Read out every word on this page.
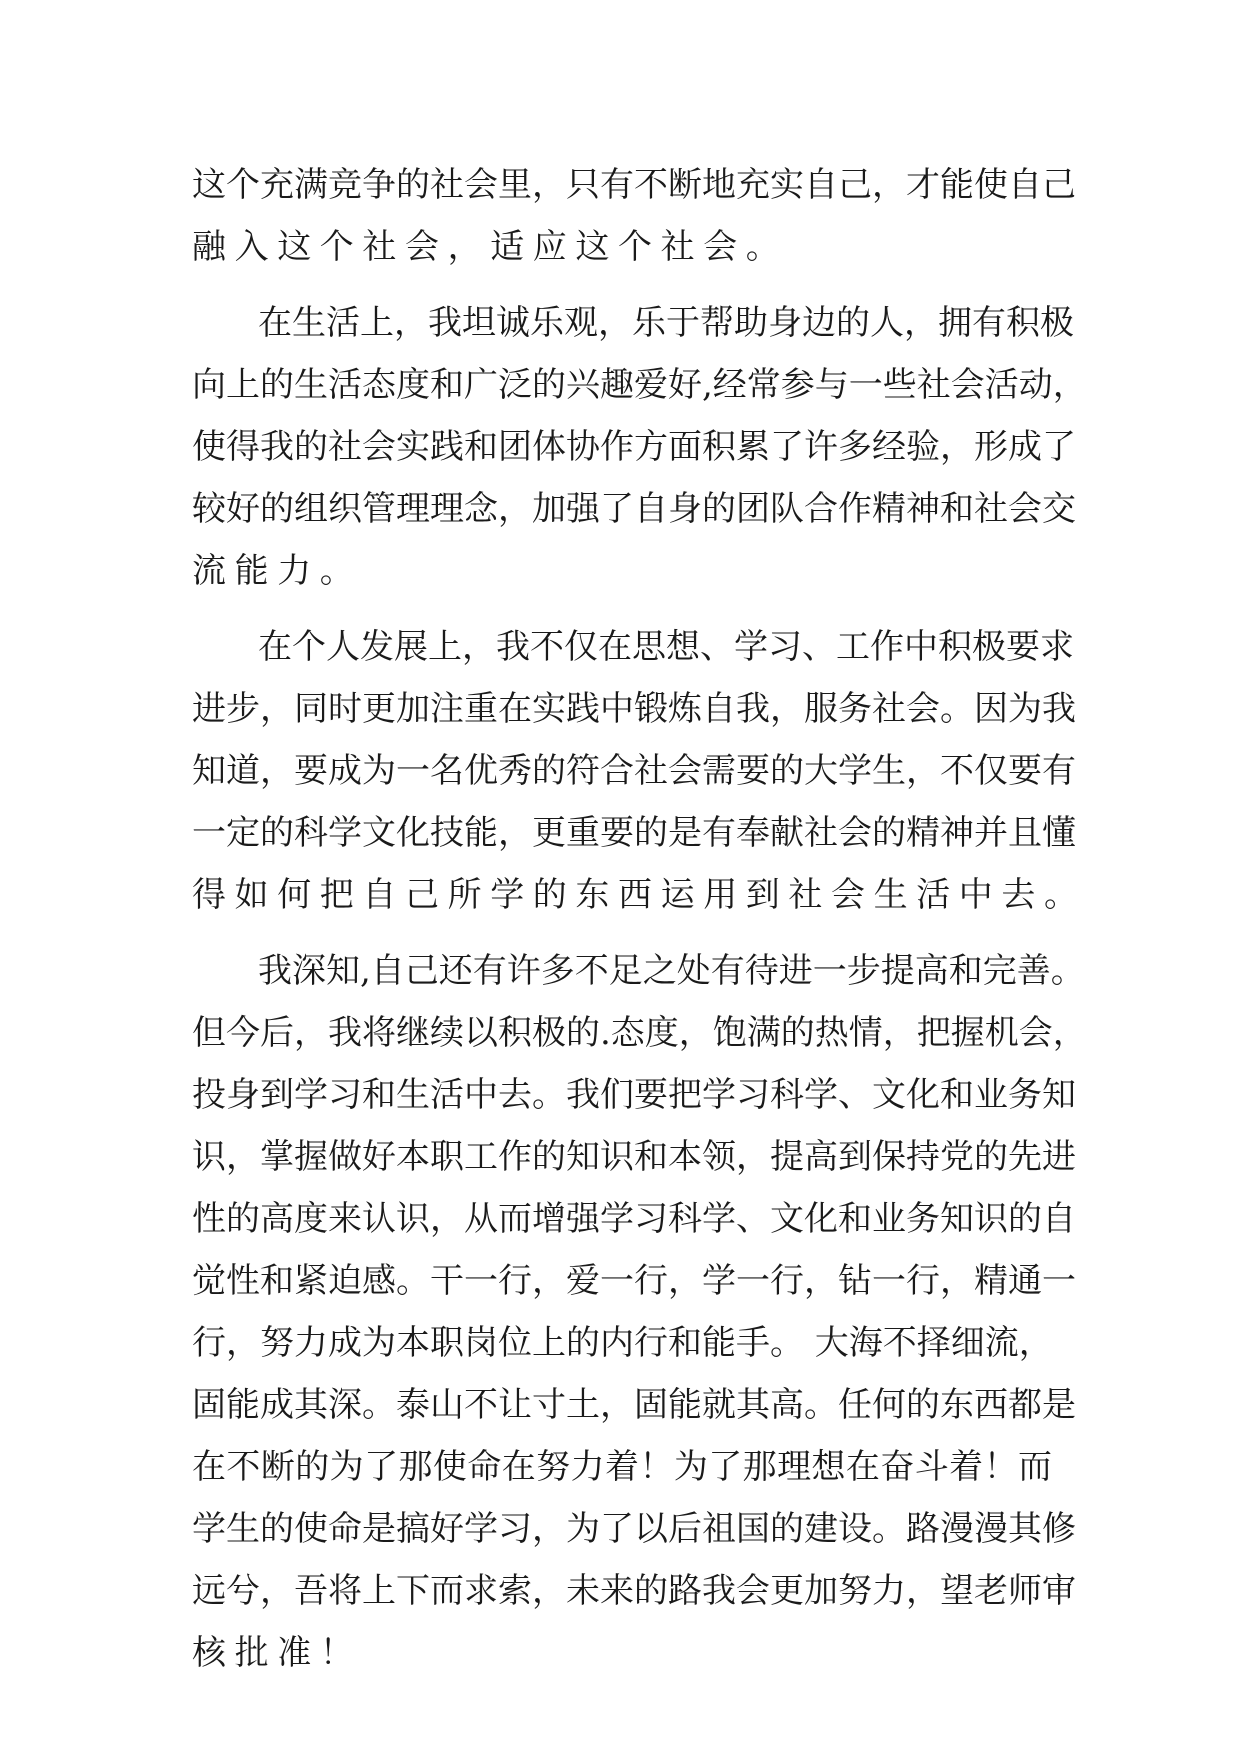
这个充满竞争的社会里，只有不断地充实自己，才能使自己
融入这个社会，适应这个社会。
在生活上，我坦诚乐观，乐于帮助身边的人，拥有积极
向上的生活态度和广泛的兴趣爱好,经常参与一些社会活动，
使得我的社会实践和团体协作方面积累了许多经验，形成了
较好的组织管理理念，加强了自身的团队合作精神和社会交
流能力。
在个人发展上，我不仅在思想、学习、工作中积极要求
进步，同时更加注重在实践中锻炼自我，服务社会。因为我
知道，要成为一名优秀的符合社会需要的大学生，不仅要有
一定的科学文化技能，更重要的是有奉献社会的精神并且懂
得如何把自己所学的东西运用到社会生活中去。
我深知,自己还有许多不足之处有待进一步提高和完善。
但今后，我将继续以积极的.态度，饱满的热情，把握机会，
投身到学习和生活中去。我们要把学习科学、文化和业务知
识，掌握做好本职工作的知识和本领，提高到保持党的先进
性的高度来认识，从而增强学习科学、文化和业务知识的自
觉性和紧迫感。干一行，爱一行，学一行，钻一行，精通一
行，努力成为本职岗位上的内行和能手。 大海不择细流，
固能成其深。泰山不让寸土，固能就其高。任何的东西都是
在不断的为了那使命在努力着！为了那理想在奋斗着！而
学生的使命是搞好学习，为了以后祖国的建设。路漫漫其修
远兮，吾将上下而求索，未来的路我会更加努力，望老师审
核批准！
